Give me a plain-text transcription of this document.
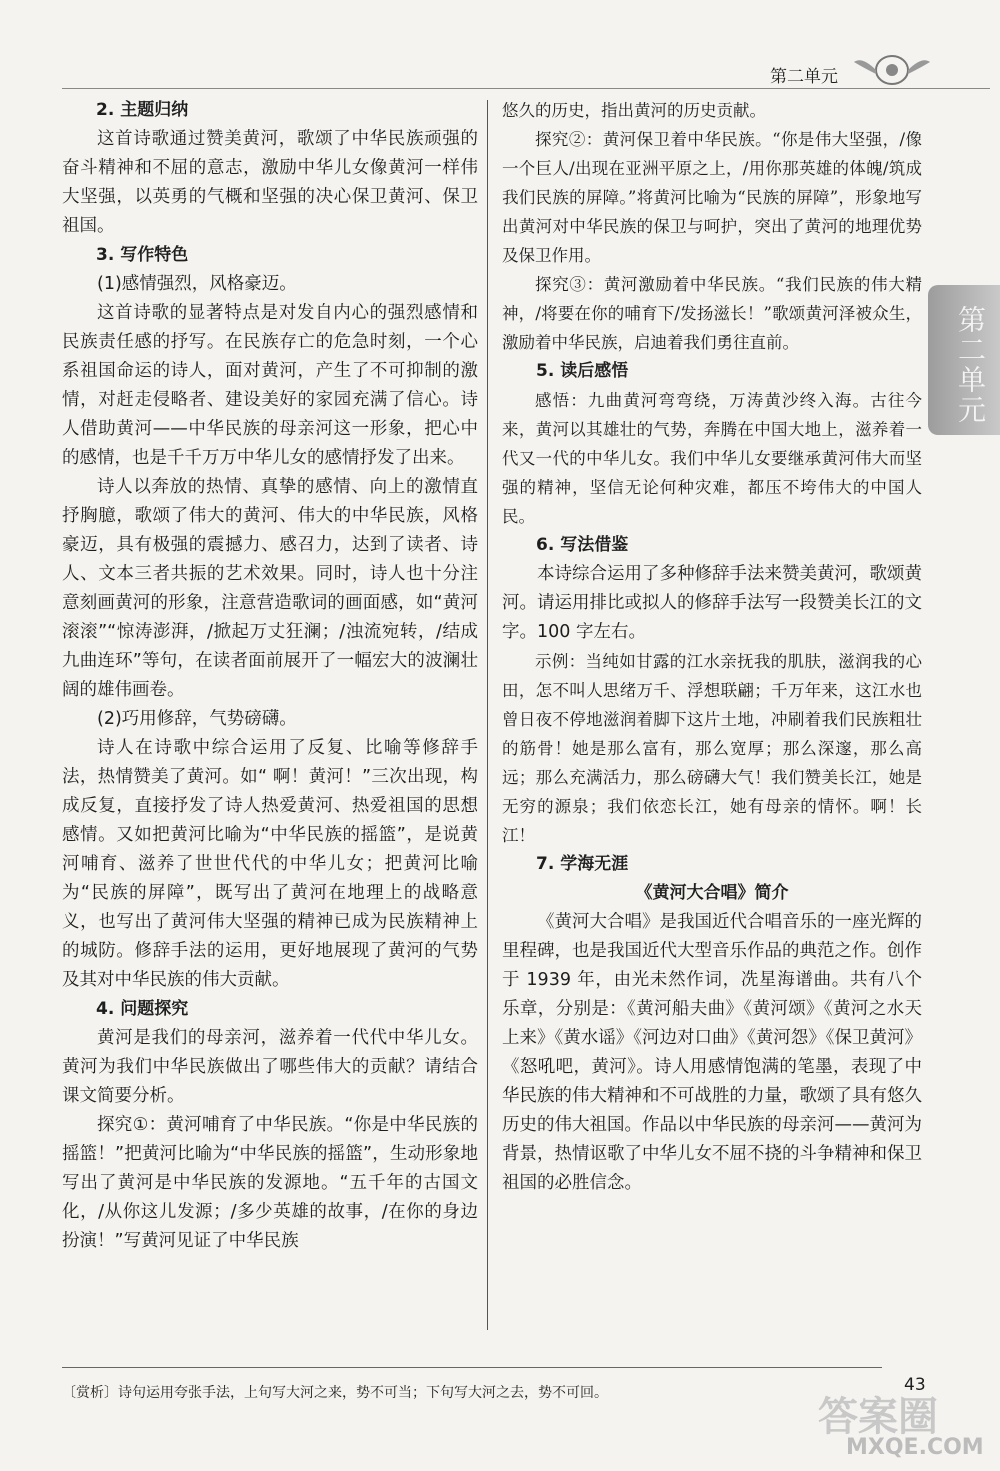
第二单元
第二单元

2. 主题归纳

这首诗歌通过赞美黄河，歌颂了中华民族顽强的奋斗精神和不屈的意志，激励中华儿女像黄河一样伟大坚强，以英勇的气概和坚强的决心保卫黄河、保卫祖国。

3. 写作特色

(1)感情强烈，风格豪迈。

这首诗歌的显著特点是对发自内心的强烈感情和民族责任感的抒写。在民族存亡的危急时刻，一个心系祖国命运的诗人，面对黄河，产生了不可抑制的激情，对赶走侵略者、建设美好的家园充满了信心。诗人借助黄河——中华民族的母亲河这一形象，把心中的感情，也是千千万万中华儿女的感情抒发了出来。

诗人以奔放的热情、真挚的感情、向上的激情直抒胸臆，歌颂了伟大的黄河、伟大的中华民族，风格豪迈，具有极强的震撼力、感召力，达到了读者、诗人、文本三者共振的艺术效果。同时，诗人也十分注意刻画黄河的形象，注意营造歌词的画面感，如“黄河滚滚”“惊涛澎湃，/掀起万丈狂澜；/浊流宛转，/结成九曲连环”等句，在读者面前展开了一幅宏大的波澜壮阔的雄伟画卷。

(2)巧用修辞，气势磅礴。

诗人在诗歌中综合运用了反复、比喻等修辞手法，热情赞美了黄河。如“ 啊！黄河！”三次出现，构成反复，直接抒发了诗人热爱黄河、热爱祖国的思想感情。又如把黄河比喻为“中华民族的摇篮”，是说黄河哺育、滋养了世世代代的中华儿女；把黄河比喻为“民族的屏障”，既写出了黄河在地理上的战略意义，也写出了黄河伟大坚强的精神已成为民族精神上的城防。修辞手法的运用，更好地展现了黄河的气势及其对中华民族的伟大贡献。

4. 问题探究

黄河是我们的母亲河，滋养着一代代中华儿女。黄河为我们中华民族做出了哪些伟大的贡献？请结合课文简要分析。

探究①：黄河哺育了中华民族。“你是中华民族的摇篮！”把黄河比喻为“中华民族的摇篮”，生动形象地写出了黄河是中华民族的发源地。“五千年的古国文化，/从你这儿发源；/多少英雄的故事，/在你的身边扮演！”写黄河见证了中华民族

悠久的历史，指出黄河的历史贡献。

探究②：黄河保卫着中华民族。“你是伟大坚强，/像一个巨人/出现在亚洲平原之上，/用你那英雄的体魄/筑成我们民族的屏障。”将黄河比喻为“民族的屏障”，形象地写出黄河对中华民族的保卫与呵护，突出了黄河的地理优势及保卫作用。

探究③：黄河激励着中华民族。“我们民族的伟大精神，/将要在你的哺育下/发扬滋长！”歌颂黄河泽被众生，激励着中华民族，启迪着我们勇往直前。

5. 读后感悟

感悟：九曲黄河弯弯绕，万涛黄沙终入海。古往今来，黄河以其雄壮的气势，奔腾在中国大地上，滋养着一代又一代的中华儿女。我们中华儿女要继承黄河伟大而坚强的精神，坚信无论何种灾难，都压不垮伟大的中国人民。

6. 写法借鉴

本诗综合运用了多种修辞手法来赞美黄河，歌颂黄河。请运用排比或拟人的修辞手法写一段赞美长江的文字。100 字左右。

示例：当纯如甘露的江水亲抚我的肌肤，滋润我的心田，怎不叫人思绪万千、浮想联翩；千万年来，这江水也曾日夜不停地滋润着脚下这片土地，冲刷着我们民族粗壮的筋骨！她是那么富有，那么宽厚；那么深邃，那么高远；那么充满活力，那么磅礴大气！我们赞美长江，她是无穷的源泉；我们依恋长江，她有母亲的情怀。啊！长江！

7. 学海无涯

《黄河大合唱》简介

《黄河大合唱》是我国近代合唱音乐的一座光辉的里程碑，也是我国近代大型音乐作品的典范之作。创作于 1939 年，由光未然作词，冼星海谱曲。共有八个乐章，分别是：《黄河船夫曲》《黄河颂》《黄河之水天上来》《黄水谣》《河边对口曲》《黄河怨》《保卫黄河》《怒吼吧，黄河》。诗人用感情饱满的笔墨，表现了中华民族的伟大精神和不可战胜的力量，歌颂了具有悠久历史的伟大祖国。作品以中华民族的母亲河——黄河为背景，热情讴歌了中华儿女不屈不挠的斗争精神和保卫祖国的必胜信念。

〔赏析〕诗句运用夸张手法，上句写大河之来，势不可当；下句写大河之去，势不可回。	43
答案圈
MXQE.COM
